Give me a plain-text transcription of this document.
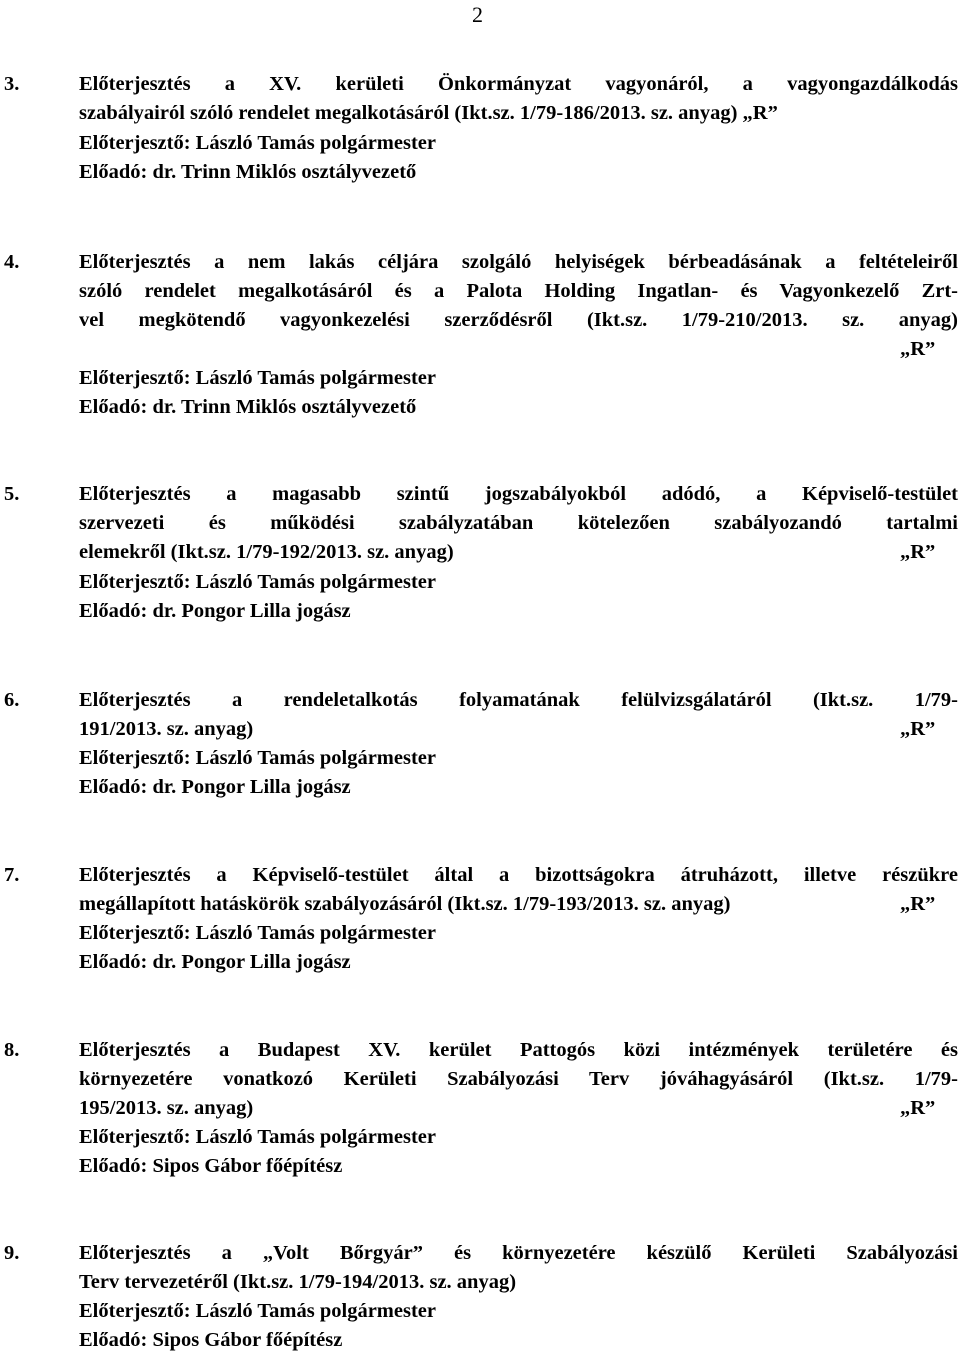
2
3.	Előterjesztés a XV. kerületi Önkormányzat vagyonáról, a vagyongazdálkodás
szabályairól szóló rendelet megalkotásáról (Ikt.sz. 1/79-186/2013. sz. anyag) „R”
Előterjesztő: László Tamás polgármester
Előadó: dr. Trinn Miklós osztályvezető
4.	Előterjesztés a nem lakás céljára szolgáló helyiségek bérbeadásának a feltételeiről
szóló rendelet megalkotásáról és a Palota Holding Ingatlan- és Vagyonkezelő Zrt-
vel megkötendő vagyonkezelési szerződésről (Ikt.sz. 1/79-210/2013. sz. anyag)
„R”
Előterjesztő: László Tamás polgármester
Előadó: dr. Trinn Miklós osztályvezető
5.	Előterjesztés a magasabb szintű jogszabályokból adódó, a Képviselő-testület
szervezeti és működési szabályzatában kötelezően szabályozandó tartalmi
elemekről (Ikt.sz. 1/79-192/2013. sz. anyag)	„R”
Előterjesztő: László Tamás polgármester
Előadó: dr. Pongor Lilla jogász
6.	Előterjesztés a rendeletalkotás folyamatának felülvizsgálatáról (Ikt.sz. 1/79-
191/2013. sz. anyag)	„R”
Előterjesztő: László Tamás polgármester
Előadó: dr. Pongor Lilla jogász
7.	Előterjesztés a Képviselő-testület által a bizottságokra átruházott, illetve részükre
megállapított hatáskörök szabályozásáról (Ikt.sz. 1/79-193/2013. sz. anyag)	„R”
Előterjesztő: László Tamás polgármester
Előadó: dr. Pongor Lilla jogász
8.	Előterjesztés a Budapest XV. kerület Pattogós közi intézmények területére és
környezetére vonatkozó Kerületi Szabályozási Terv jóváhagyásáról (Ikt.sz. 1/79-
195/2013. sz. anyag)	„R”
Előterjesztő: László Tamás polgármester
Előadó: Sipos Gábor főépítész
9.	Előterjesztés a „Volt Bőrgyár” és környezetére készülő Kerületi Szabályozási
Terv tervezetéről (Ikt.sz. 1/79-194/2013. sz. anyag)
Előterjesztő: László Tamás polgármester
Előadó: Sipos Gábor főépítész
